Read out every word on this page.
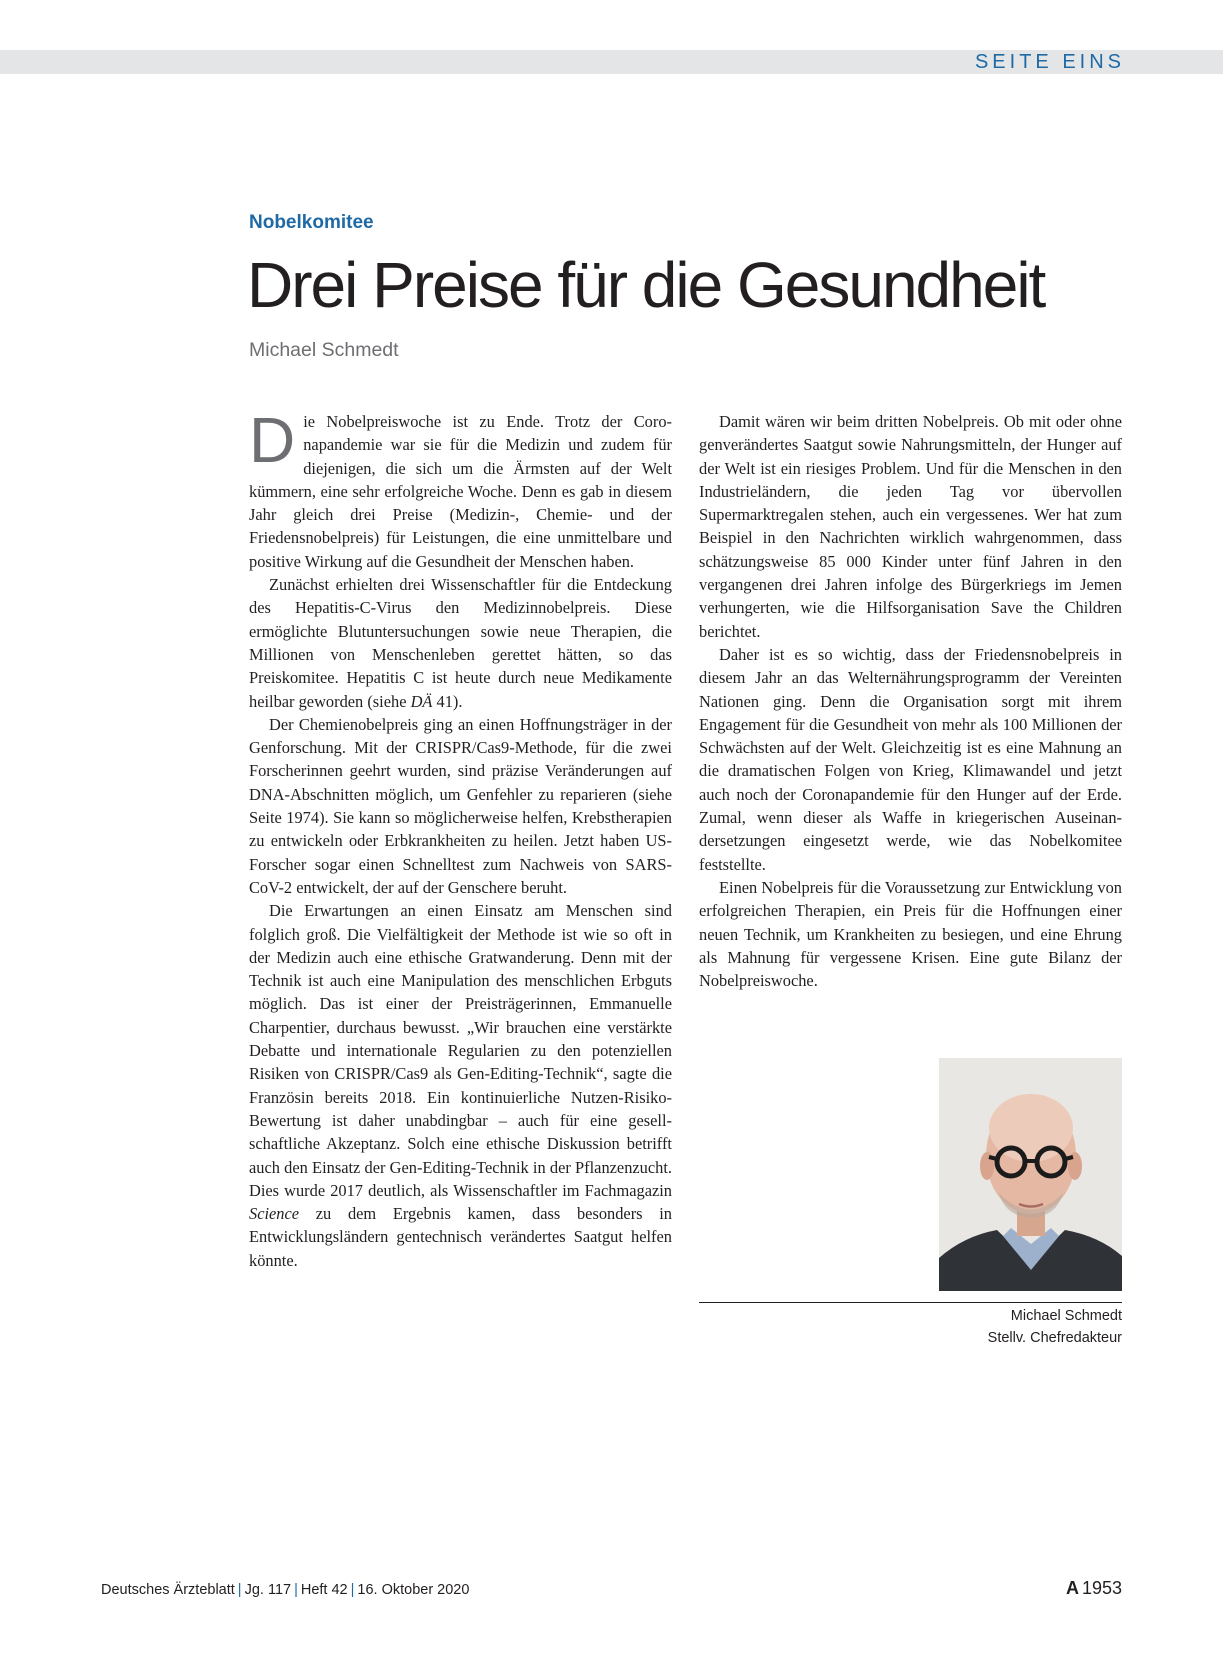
SEITE EINS
Nobelkomitee
Drei Preise für die Gesundheit
Michael Schmedt

Die Nobelpreiswoche ist zu Ende. Trotz der Coronapandemie war sie für die Medizin und zudem für diejenigen, die sich um die Ärmsten auf der Welt kümmern, eine sehr erfolgreiche Woche. Denn es gab in diesem Jahr gleich drei Preise (Medizin-, Chemie- und der Friedensnobelpreis) für Leistungen, die eine unmittelbare und positive Wirkung auf die Gesundheit der Menschen haben.

Zunächst erhielten drei Wissenschaftler für die Entdeckung des Hepatitis-C-Virus den Medizinnobelpreis. Diese ermöglichte Blutuntersuchungen sowie neue Therapien, die Millionen von Menschenleben gerettet hätten, so das Preiskomitee. Hepatitis C ist heute durch neue Medikamente heilbar geworden (siehe DÄ 41).

Der Chemienobelpreis ging an einen Hoffnungsträger in der Genforschung. Mit der CRISPR/Cas9-Methode, für die zwei Forscherinnen geehrt wurden, sind präzise Veränderungen auf DNA-Abschnitten möglich, um Genfehler zu reparieren (siehe Seite 1974). Sie kann so möglicherweise helfen, Krebstherapien zu entwickeln oder Erbkrankheiten zu heilen. Jetzt haben US-Forscher sogar einen Schnelltest zum Nachweis von SARS-CoV-2 entwickelt, der auf der Genschere beruht.

Die Erwartungen an einen Einsatz am Menschen sind folglich groß. Die Vielfältigkeit der Methode ist wie so oft in der Medizin auch eine ethische Gratwanderung. Denn mit der Technik ist auch eine Manipulation des menschlichen Erbguts möglich. Das ist einer der Preisträgerinnen, Emmanuelle Charpentier, durchaus bewusst. „Wir brauchen eine verstärkte Debatte und internationale Regularien zu den potenziellen Risiken von CRISPR/Cas9 als Gen-Editing-Technik“, sagte die Französin bereits 2018. Ein kontinuierliche Nutzen-Risiko-Bewertung ist daher unabdingbar – auch für eine gesellschaftliche Akzeptanz. Solch eine ethische Diskussion betrifft auch den Einsatz der Gen-Editing-Technik in der Pflanzenzucht. Dies wurde 2017 deutlich, als Wissenschaftler im Fachmagazin Science zu dem Ergebnis kamen, dass besonders in Entwicklungsländern gentechnisch verändertes Saatgut helfen könnte.

Damit wären wir beim dritten Nobelpreis. Ob mit oder ohne genverändertes Saatgut sowie Nahrungsmitteln, der Hunger auf der Welt ist ein riesiges Problem. Und für die Menschen in den Industrieländern, die jeden Tag vor übervollen Supermarktregalen stehen, auch ein vergessenes. Wer hat zum Beispiel in den Nachrichten wirklich wahrgenommen, dass schätzungsweise 85 000 Kinder unter fünf Jahren in den vergangenen drei Jahren infolge des Bürgerkriegs im Jemen verhungerten, wie die Hilfsorganisation Save the Children berichtet.

Daher ist es so wichtig, dass der Friedensnobelpreis in diesem Jahr an das Welternährungsprogramm der Vereinten Nationen ging. Denn die Organisation sorgt mit ihrem Engagement für die Gesundheit von mehr als 100 Millionen der Schwächsten auf der Welt. Gleichzeitig ist es eine Mahnung an die dramatischen Folgen von Krieg, Klimawandel und jetzt auch noch der Coronapandemie für den Hunger auf der Erde. Zumal, wenn dieser als Waffe in kriegerischen Auseinandersetzungen eingesetzt werde, wie das Nobelkomitee feststellte.

Einen Nobelpreis für die Voraussetzung zur Entwicklung von erfolgreichen Therapien, ein Preis für die Hoffnungen einer neuen Technik, um Krankheiten zu besiegen, und eine Ehrung als Mahnung für vergessene Krisen. Eine gute Bilanz der Nobelpreiswoche.

Michael Schmedt
Stellv. Chefredakteur
Deutsches Ärzteblatt | Jg. 117 | Heft 42 | 16. Oktober 2020	A 1953
